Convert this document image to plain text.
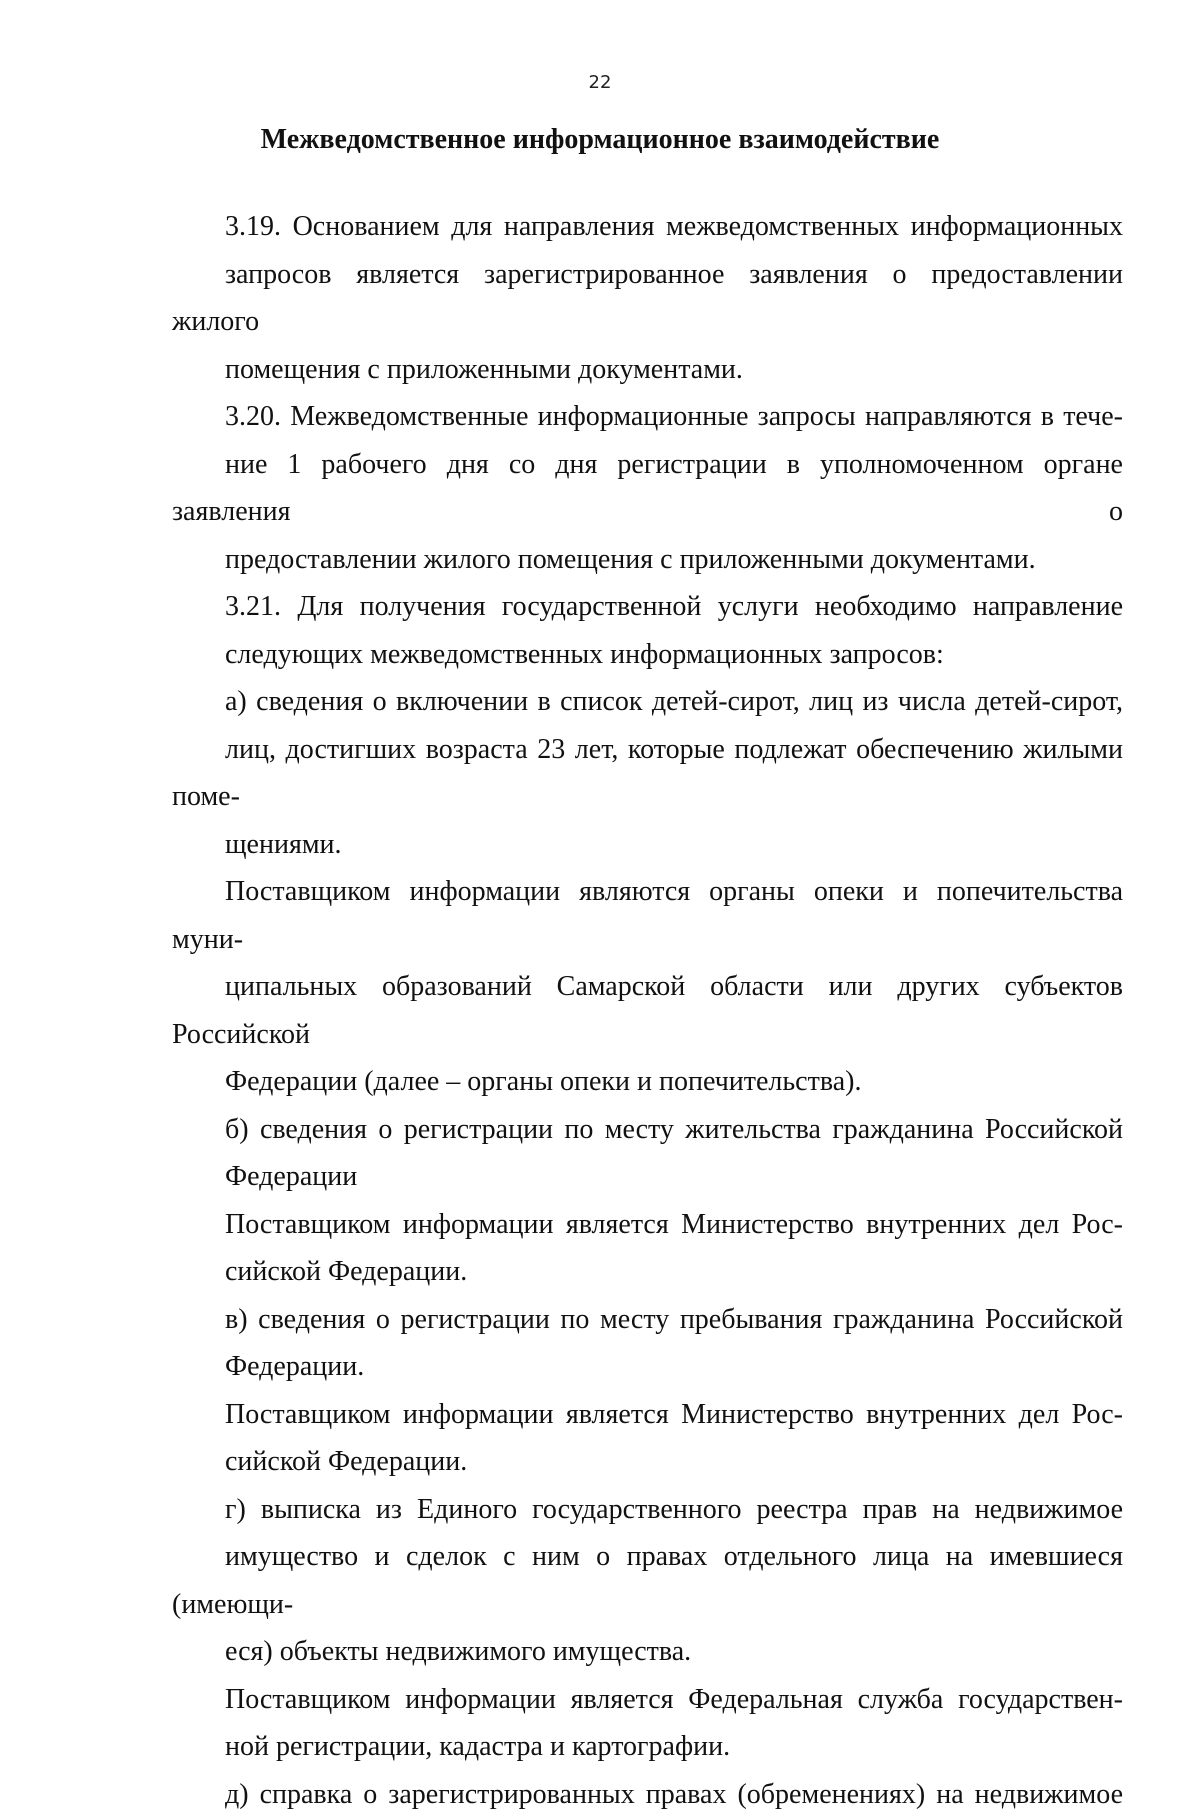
22
Межведомственное информационное взаимодействие
3.19. Основанием для направления межведомственных информационных
запросов является зарегистрированное заявления о предоставлении жилого
помещения с приложенными документами.
3.20. Межведомственные информационные запросы направляются в тече-
ние 1 рабочего дня со дня регистрации в уполномоченном органе заявления о
предоставлении жилого помещения с приложенными документами.
3.21. Для получения государственной услуги необходимо направление
следующих межведомственных информационных запросов:
а) сведения о включении в список детей-сирот, лиц из числа детей-сирот,
лиц, достигших возраста 23 лет, которые подлежат обеспечению жилыми поме-
щениями.
Поставщиком информации являются органы опеки и попечительства муни-
ципальных образований Самарской области или других субъектов Российской
Федерации (далее – органы опеки и попечительства).
б) сведения о регистрации по месту жительства гражданина Российской
Федерации
Поставщиком информации является Министерство внутренних дел Рос-
сийской Федерации.
в) сведения о регистрации по месту пребывания гражданина Российской
Федерации.
Поставщиком информации является Министерство внутренних дел Рос-
сийской Федерации.
г) выписка из Единого государственного реестра прав на недвижимое
имущество и сделок с ним о правах отдельного лица на имевшиеся (имеющи-
еся) объекты недвижимого имущества.
Поставщиком информации является Федеральная служба государствен-
ной регистрации, кадастра и картографии.
д) справка о зарегистрированных правах (обременениях) на недвижимое
